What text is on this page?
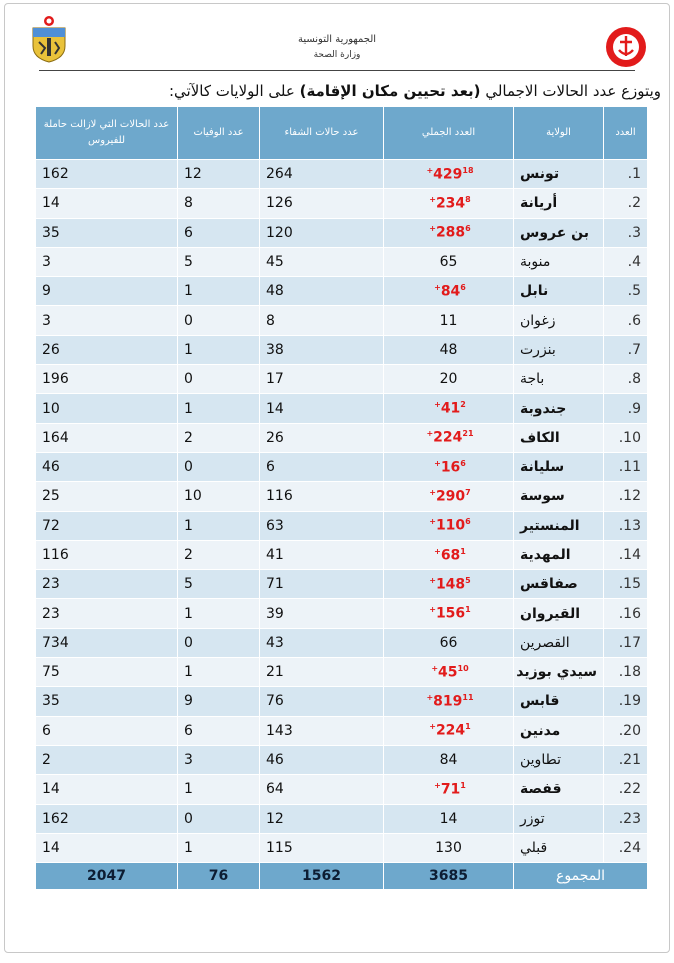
الجمهورية التونسية
وزارة الصحة
ويتوزع عدد الحالات الاجمالي (بعد تحيين مكان الإقامة) على الولايات كالآتي:
العدد	الولاية	العدد الجملي	عدد حالات الشفاء	عدد الوفيات	عدد الحالات التي لازالت حاملة
للفيروس
1.	تونس	$429^{18+}$	264	12	162
2.	أريانة	$234^{8+}$	126	8	14
3.	بن عروس	$288^{6+}$	120	6	35
4.	منوبة	65	45	5	3
5.	نابل	$84^{6+}$	48	1	9
6.	زغوان	11	8	0	3
7.	بنزرت	48	38	1	26
8.	باجة	20	17	0	196
9.	جندوبة	$41^{2+}$	14	1	10
10.	الكاف	$224^{21+}$	26	2	164
11.	سليانة	$16^{6+}$	6	0	46
12.	سوسة	$290^{7+}$	116	10	25
13.	المنستير	$110^{6+}$	63	1	72
14.	المهدية	$68^{1+}$	41	2	116
15.	صفاقس	$148^{5+}$	71	5	23
16.	القيروان	$156^{1+}$	39	1	23
17.	القصرين	66	43	0	734
18.	سيدي بوزيد	$45^{10+}$	21	1	75
19.	قابس	$819^{11+}$	76	9	35
20.	مدنين	$224^{1+}$	143	6	6
21.	تطاوين	84	46	3	2
22.	قفصة	$71^{1+}$	64	1	14
23.	توزر	14	12	0	162
24.	قبلي	130	115	1	14
المجموع		3685	1562	76	2047
